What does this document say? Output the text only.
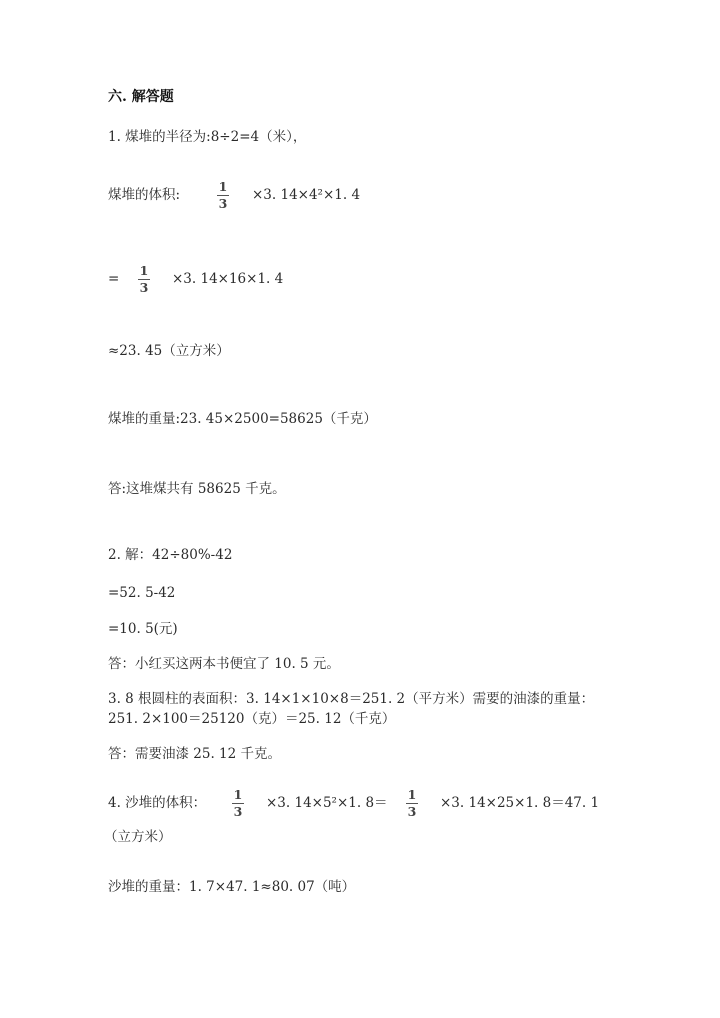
六. 解答题
1. 煤堆的半径为:8÷2=4（米），
煤堆的体积:
1
3
×3. 14×4²×1. 4
=
1
3
×3. 14×16×1. 4
≈23. 45（立方米）
煤堆的重量:23. 45×2500=58625（千克）
答:这堆煤共有 58625 千克。
2. 解：42÷80%-42
=52. 5-42
=10. 5(元)
答：小红买这两本书便宜了 10. 5 元。
3. 8 根圆柱的表面积：3. 14×1×10×8＝251. 2（平方米）需要的油漆的重量：
251. 2×100＝25120（克）＝25. 12（千克）
答：需要油漆 25. 12 千克。
4. 沙堆的体积：
1
3
×3. 14×5²×1. 8＝
1
3
×3. 14×25×1. 8＝47. 1
（立方米）
沙堆的重量：1. 7×47. 1≈80. 07（吨）
